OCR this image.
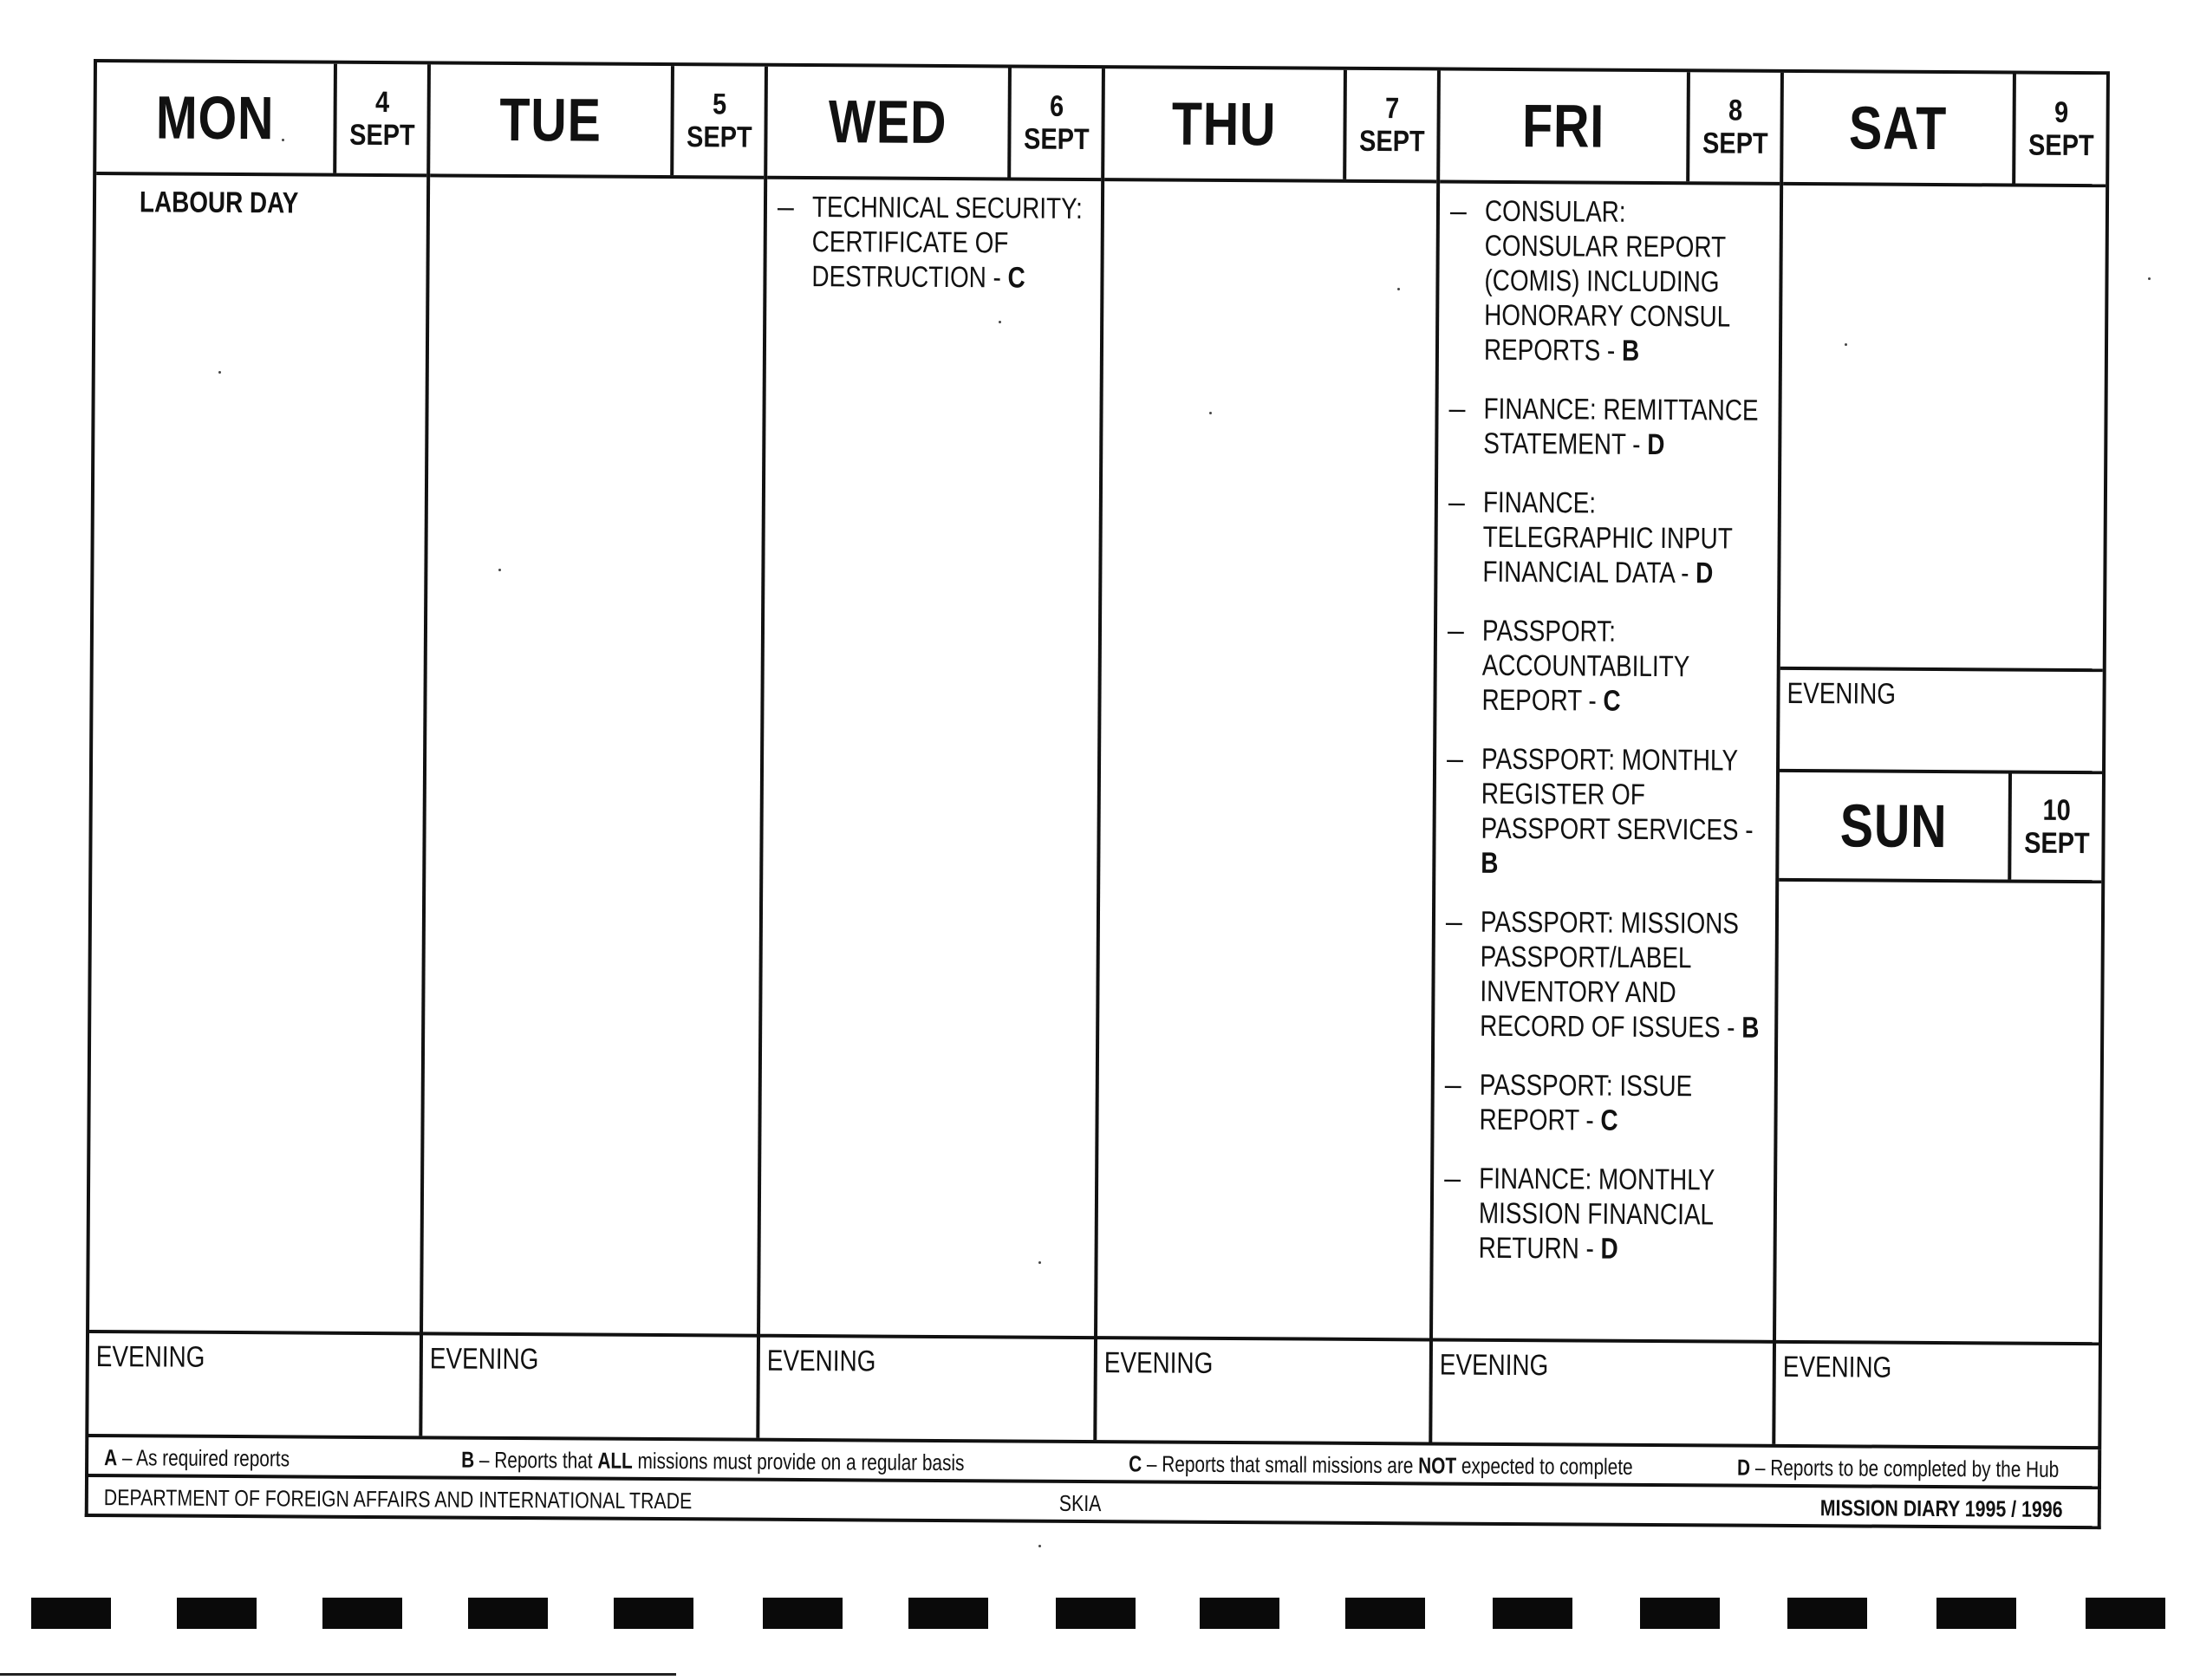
MON	4
SEPT
LABOUR DAY
EVENING
TUE	5
SEPT
EVENING
WED	6
SEPT
– TECHNICAL SECURITY: CERTIFICATE OF DESTRUCTION - C
EVENING
THU	7
SEPT
EVENING
FRI	8
SEPT
– CONSULAR: CONSULAR REPORT (COMIS) INCLUDING HONORARY CONSUL REPORTS - B
– FINANCE: REMITTANCE STATEMENT - D
– FINANCE: TELEGRAPHIC INPUT FINANCIAL DATA - D
– PASSPORT: ACCOUNTABILITY REPORT - C
– PASSPORT: MONTHLY REGISTER OF PASSPORT SERVICES - B
– PASSPORT: MISSIONS PASSPORT/LABEL INVENTORY AND RECORD OF ISSUES - B
– PASSPORT: ISSUE REPORT - C
– FINANCE: MONTHLY MISSION FINANCIAL RETURN - D
EVENING
SAT	9
SEPT
EVENING
SUN	10
SEPT
EVENING
A – As required reports	B – Reports that ALL missions must provide on a regular basis	C – Reports that small missions are NOT expected to complete	D – Reports to be completed by the Hub
DEPARTMENT OF FOREIGN AFFAIRS AND INTERNATIONAL TRADE	SKIA	MISSION DIARY 1995 / 1996
